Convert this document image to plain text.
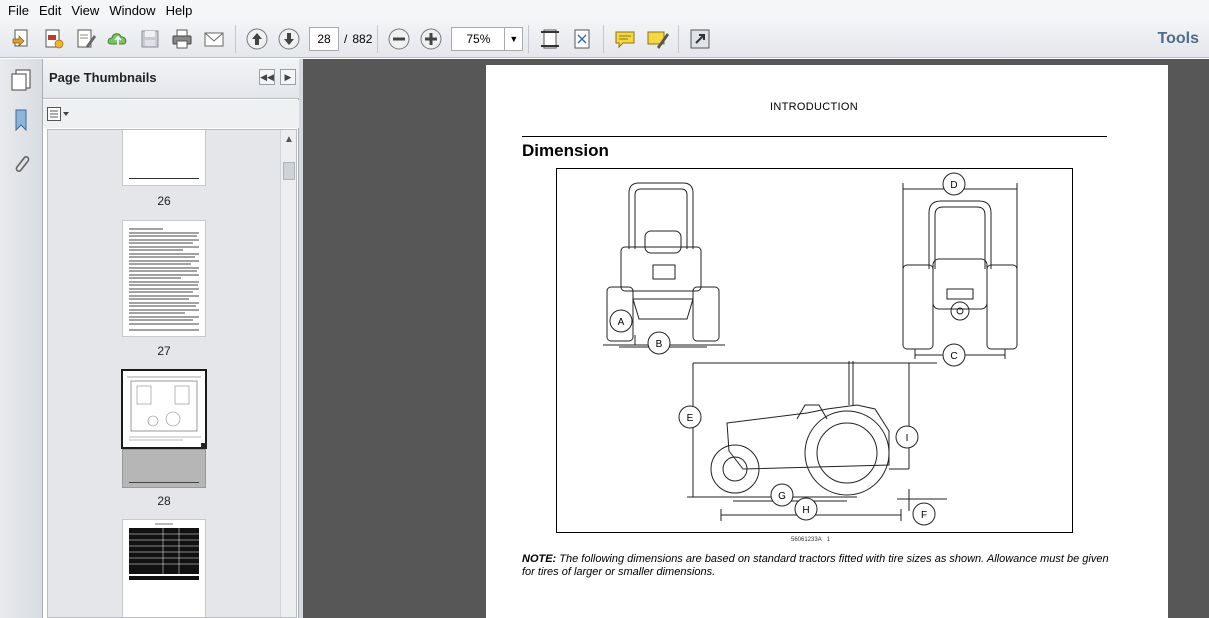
File Edit View Window Help
28	/ 882	75%	▼	Tools
Page Thumbnails	◀◀	▶
26
27
28
▲
INTRODUCTION
Dimension
A
B
C
D
E
F
G
H
I
56061233A 1
NOTE: The following dimensions are based on standard tractors fitted with tire sizes as shown. Allowance must be given for tires of larger or smaller dimensions.
